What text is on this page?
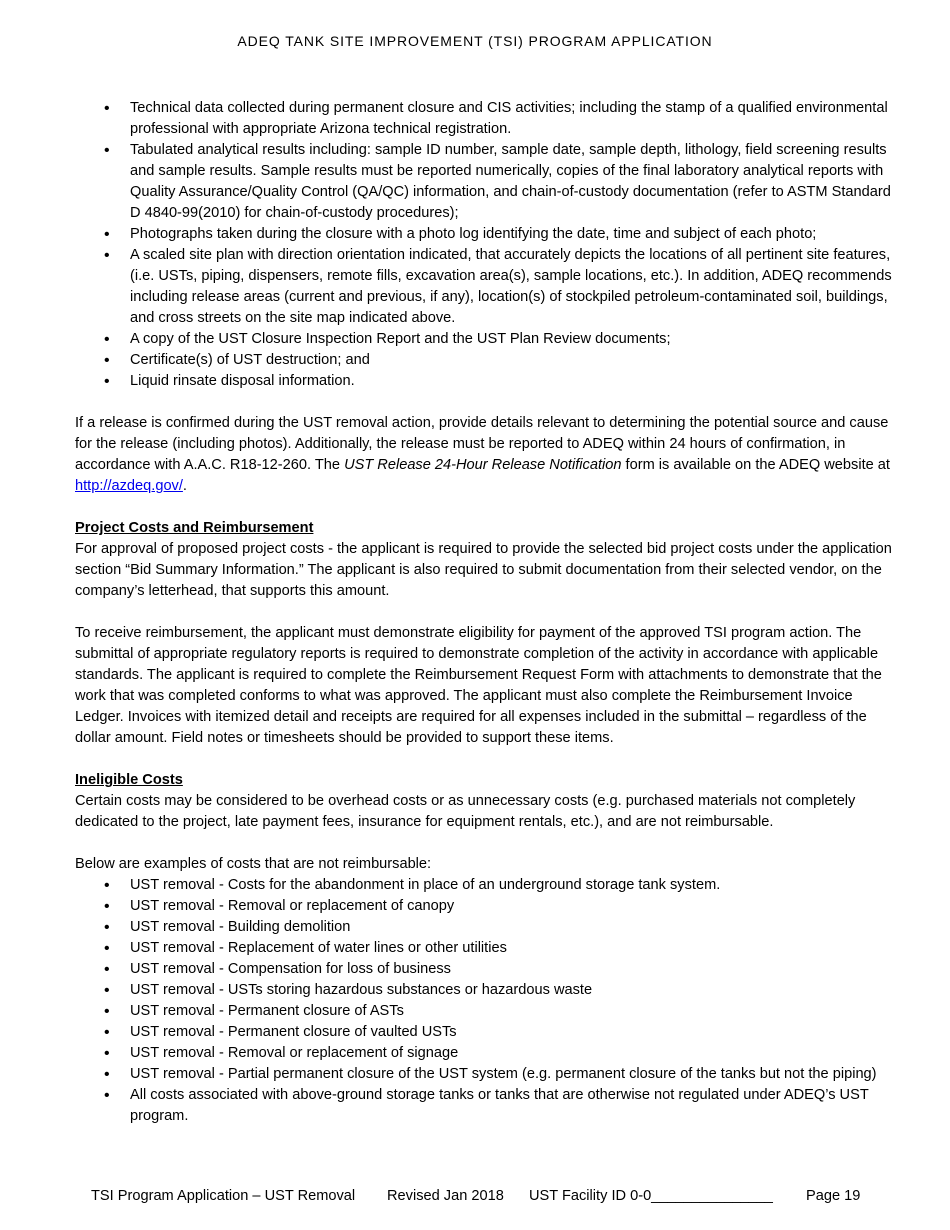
ADEQ TANK SITE IMPROVEMENT (TSI) PROGRAM APPLICATION
• Technical data collected during permanent closure and CIS activities; including the stamp of a qualified environmental professional with appropriate Arizona technical registration.
• Tabulated analytical results including: sample ID number, sample date, sample depth, lithology, field screening results and sample results. Sample results must be reported numerically, copies of the final laboratory analytical reports with Quality Assurance/Quality Control (QA/QC) information, and chain-of-custody documentation (refer to ASTM Standard D 4840-99(2010) for chain-of-custody procedures);
• Photographs taken during the closure with a photo log identifying the date, time and subject of each photo;
• A scaled site plan with direction orientation indicated, that accurately depicts the locations of all pertinent site features, (i.e. USTs, piping, dispensers, remote fills, excavation area(s), sample locations, etc.). In addition, ADEQ recommends including release areas (current and previous, if any), location(s) of stockpiled petroleum-contaminated soil, buildings, and cross streets on the site map indicated above.
• A copy of the UST Closure Inspection Report and the UST Plan Review documents;
• Certificate(s) of UST destruction; and
• Liquid rinsate disposal information.

If a release is confirmed during the UST removal action, provide details relevant to determining the potential source and cause for the release (including photos). Additionally, the release must be reported to ADEQ within 24 hours of confirmation, in accordance with A.A.C. R18-12-260. The UST Release 24-Hour Release Notification form is available on the ADEQ website at http://azdeq.gov/.

Project Costs and Reimbursement

For approval of proposed project costs - the applicant is required to provide the selected bid project costs under the application section “Bid Summary Information.” The applicant is also required to submit documentation from their selected vendor, on the company’s letterhead, that supports this amount.

To receive reimbursement, the applicant must demonstrate eligibility for payment of the approved TSI program action. The submittal of appropriate regulatory reports is required to demonstrate completion of the activity in accordance with applicable standards. The applicant is required to complete the Reimbursement Request Form with attachments to demonstrate that the work that was completed conforms to what was approved. The applicant must also complete the Reimbursement Invoice Ledger. Invoices with itemized detail and receipts are required for all expenses included in the submittal – regardless of the dollar amount. Field notes or timesheets should be provided to support these items.

Ineligible Costs

Certain costs may be considered to be overhead costs or as unnecessary costs (e.g. purchased materials not completely dedicated to the project, late payment fees, insurance for equipment rentals, etc.), and are not reimbursable.

Below are examples of costs that are not reimbursable:

• UST removal - Costs for the abandonment in place of an underground storage tank system.
• UST removal - Removal or replacement of canopy
• UST removal - Building demolition
• UST removal - Replacement of water lines or other utilities
• UST removal - Compensation for loss of business
• UST removal - USTs storing hazardous substances or hazardous waste
• UST removal - Permanent closure of ASTs
• UST removal - Permanent closure of vaulted USTs
• UST removal - Removal or replacement of signage
• UST removal - Partial permanent closure of the UST system (e.g. permanent closure of the tanks but not the piping)
• All costs associated with above-ground storage tanks or tanks that are otherwise not regulated under ADEQ’s UST program.
TSI Program Application – UST Removal Revised Jan 2018 UST Facility ID 0-0_______________ Page 19
